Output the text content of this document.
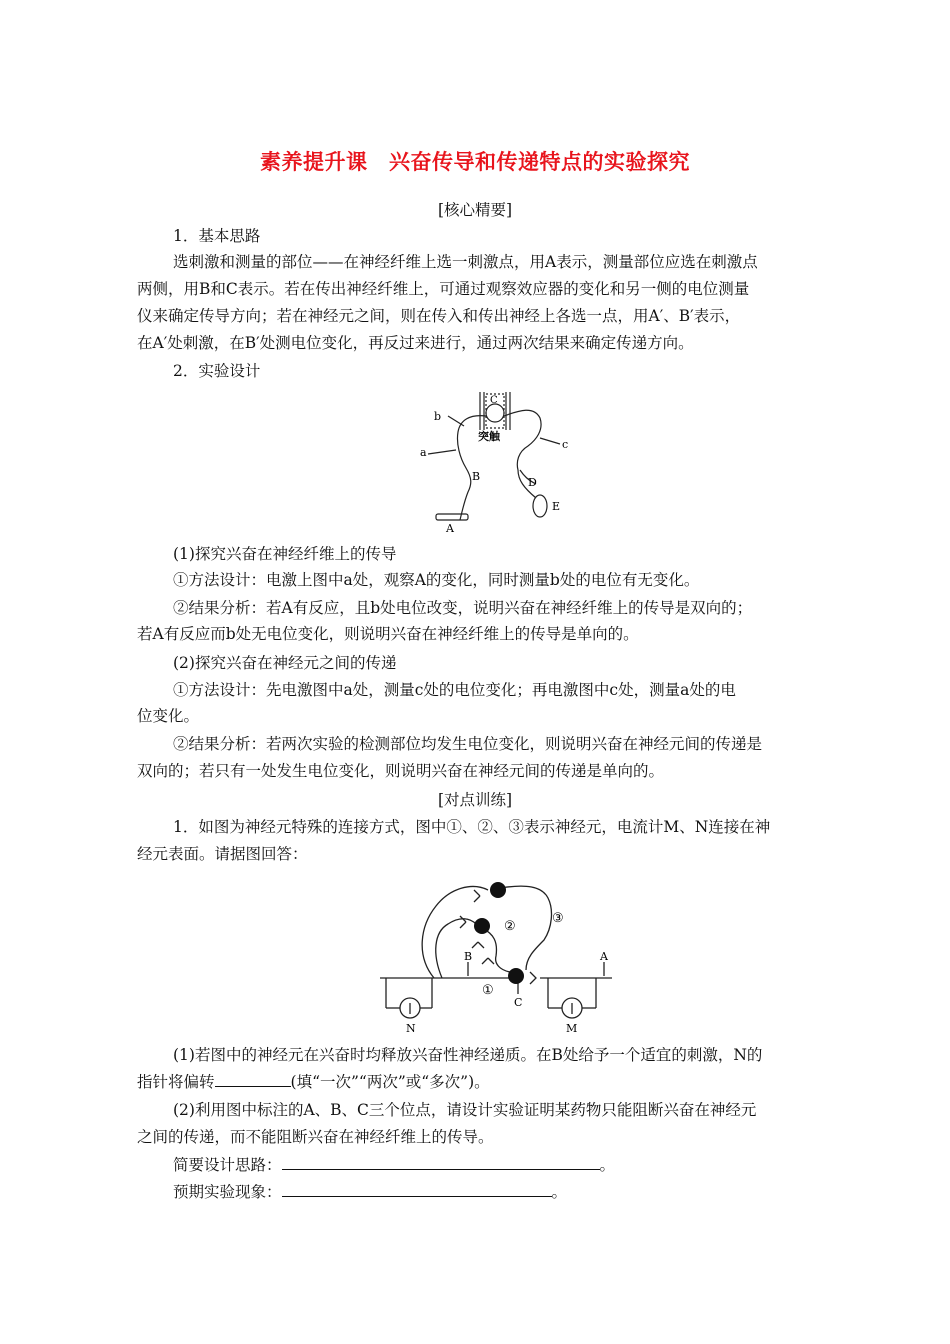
素养提升课　兴奋传导和传递特点的实验探究
[核心精要]
1．基本思路
选刺激和测量的部位——在神经纤维上选一刺激点，用A表示，测量部位应选在刺激点
两侧，用B和C表示。若在传出神经纤维上，可通过观察效应器的变化和另一侧的电位测量
仪来确定传导方向；若在神经元之间，则在传入和传出神经上各选一点，用A′、B′表示，
在A′处刺激，在B′处测电位变化，再反过来进行，通过两次结果来确定传递方向。
2．实验设计
b
a
B
A
C
突触
c
D
E
(1)探究兴奋在神经纤维上的传导
①方法设计：电激上图中a处，观察A的变化，同时测量b处的电位有无变化。
②结果分析：若A有反应，且b处电位改变，说明兴奋在神经纤维上的传导是双向的；
若A有反应而b处无电位变化，则说明兴奋在神经纤维上的传导是单向的。
(2)探究兴奋在神经元之间的传递
①方法设计：先电激图中a处，测量c处的电位变化；再电激图中c处，测量a处的电
位变化。
②结果分析：若两次实验的检测部位均发生电位变化，则说明兴奋在神经元间的传递是
双向的；若只有一处发生电位变化，则说明兴奋在神经元间的传递是单向的。
[对点训练]
1．如图为神经元特殊的连接方式，图中①、②、③表示神经元，电流计M、N连接在神
经元表面。请据图回答：
②
③
①
B	A
C
N	M
(1)若图中的神经元在兴奋时均释放兴奋性神经递质。在B处给予一个适宜的刺激，N的
指针将偏转	(填“一次”“两次”或“多次”)。
(2)利用图中标注的A、B、C三个位点，请设计实验证明某药物只能阻断兴奋在神经元
之间的传递，而不能阻断兴奋在神经纤维上的传导。
简要设计思路：	。
预期实验现象：	。
